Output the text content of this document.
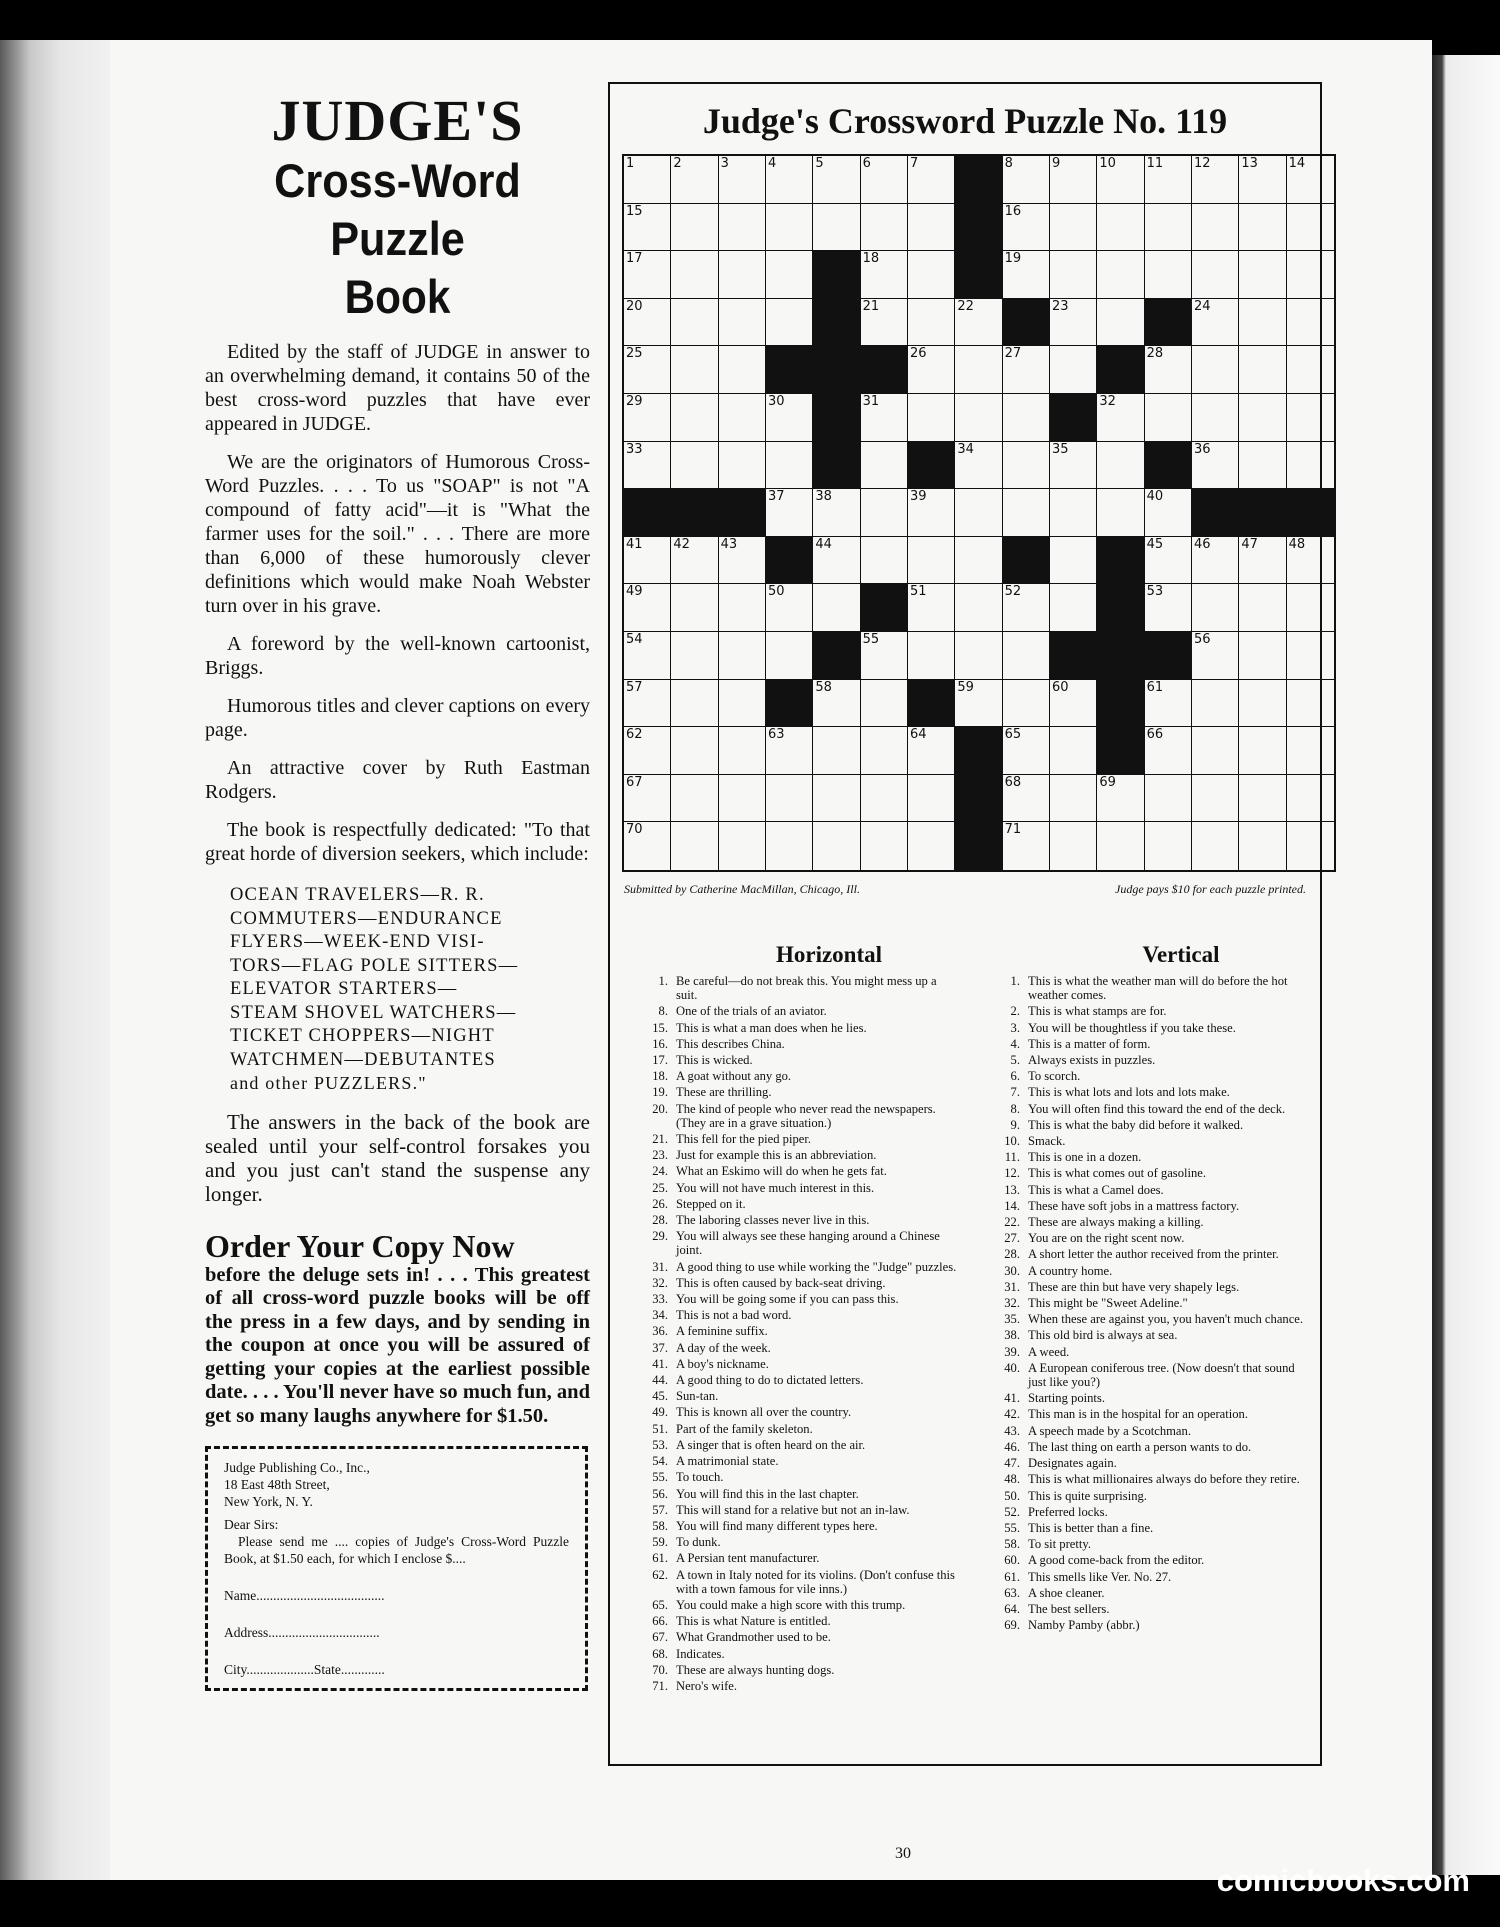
JUDGE'S
Cross-Word Puzzle
Book

Edited by the staff of JUDGE in answer to an overwhelming demand, it contains 50 of the best cross-word puzzles that have ever appeared in JUDGE.

We are the originators of Humorous Cross-Word Puzzles. . . . To us "SOAP" is not "A compound of fatty acid"—it is "What the farmer uses for the soil." . . . There are more than 6,000 of these humorously clever definitions which would make Noah Webster turn over in his grave.

A foreword by the well-known cartoonist, Briggs.

Humorous titles and clever captions on every page.

An attractive cover by Ruth Eastman Rodgers.

The book is respectfully dedicated: "To that great horde of diversion seekers, which include:

OCEAN TRAVELERS—R. R.
COMMUTERS—ENDURANCE
FLYERS—WEEK-END VISI-
TORS—FLAG POLE SITTERS—
ELEVATOR STARTERS—
STEAM SHOVEL WATCHERS—
TICKET CHOPPERS—NIGHT
WATCHMEN—DEBUTANTES
and other PUZZLERS."

The answers in the back of the book are sealed until your self-control forsakes you and you just can't stand the suspense any longer.

Order Your Copy Now
before the deluge sets in! . . . This greatest of all cross-word puzzle books will be off the press in a few days, and by sending in the coupon at once you will be assured of getting your copies at the earliest possible date. . . . You'll never have so much fun, and get so many laughs anywhere for $1.50.
Judge Publishing Co., Inc.,
18 East 48th Street,
New York, N. Y.
Dear Sirs:
Please send me .... copies of Judge's Cross-Word Puzzle Book, at $1.50 each, for which I enclose $....
Name......................................
Address.................................
City....................State.............
Judge's Crossword Puzzle No. 119
1	2	3	4	5	6	7	8	9	10 11 12 13 14
15	16
17	18	19
20	21	22	23	24
25	26	27	28
29	30	31	32
33	34	35	36
37 38	39	40
41 42 43	44	45 46 47 48
49	50	51	52	53
54	55	56
57	58	59	60	61
62	63	64	65	66
67	68	69
70	71
Submitted by Catherine MacMillan, Chicago, Ill.	Judge pays $10 for each puzzle printed.
Horizontal
1. Be careful—do not break this. You might mess up a suit.
8. One of the trials of an aviator.
15. This is what a man does when he lies.
16. This describes China.
17. This is wicked.
18. A goat without any go.
19. These are thrilling.
20. The kind of people who never read the newspapers. (They are in a grave situation.)
21. This fell for the pied piper.
23. Just for example this is an abbreviation.
24. What an Eskimo will do when he gets fat.
25. You will not have much interest in this.
26. Stepped on it.
28. The laboring classes never live in this.
29. You will always see these hanging around a Chinese joint.
31. A good thing to use while working the "Judge" puzzles.
32. This is often caused by back-seat driving.
33. You will be going some if you can pass this.
34. This is not a bad word.
36. A feminine suffix.
37. A day of the week.
41. A boy's nickname.
44. A good thing to do to dictated letters.
45. Sun-tan.
49. This is known all over the country.
51. Part of the family skeleton.
53. A singer that is often heard on the air.
54. A matrimonial state.
55. To touch.
56. You will find this in the last chapter.
57. This will stand for a relative but not an in-law.
58. You will find many different types here.
59. To dunk.
61. A Persian tent manufacturer.
62. A town in Italy noted for its violins. (Don't confuse this with a town famous for vile inns.)
65. You could make a high score with this trump.
66. This is what Nature is entitled.
67. What Grandmother used to be.
68. Indicates.
70. These are always hunting dogs.
71. Nero's wife.
Vertical
1. This is what the weather man will do before the hot weather comes.
2. This is what stamps are for.
3. You will be thoughtless if you take these.
4. This is a matter of form.
5. Always exists in puzzles.
6. To scorch.
7. This is what lots and lots and lots make.
8. You will often find this toward the end of the deck.
9. This is what the baby did before it walked.
10. Smack.
11. This is one in a dozen.
12. This is what comes out of gasoline.
13. This is what a Camel does.
14. These have soft jobs in a mattress factory.
22. These are always making a killing.
27. You are on the right scent now.
28. A short letter the author received from the printer.
30. A country home.
31. These are thin but have very shapely legs.
32. This might be "Sweet Adeline."
35. When these are against you, you haven't much chance.
38. This old bird is always at sea.
39. A weed.
40. A European coniferous tree. (Now doesn't that sound just like you?)
41. Starting points.
42. This man is in the hospital for an operation.
43. A speech made by a Scotchman.
46. The last thing on earth a person wants to do.
47. Designates again.
48. This is what millionaires always do before they retire.
50. This is quite surprising.
52. Preferred locks.
55. This is better than a fine.
58. To sit pretty.
60. A good come-back from the editor.
61. This smells like Ver. No. 27.
63. A shoe cleaner.
64. The best sellers.
69. Namby Pamby (abbr.)
30
comicbooks.com
